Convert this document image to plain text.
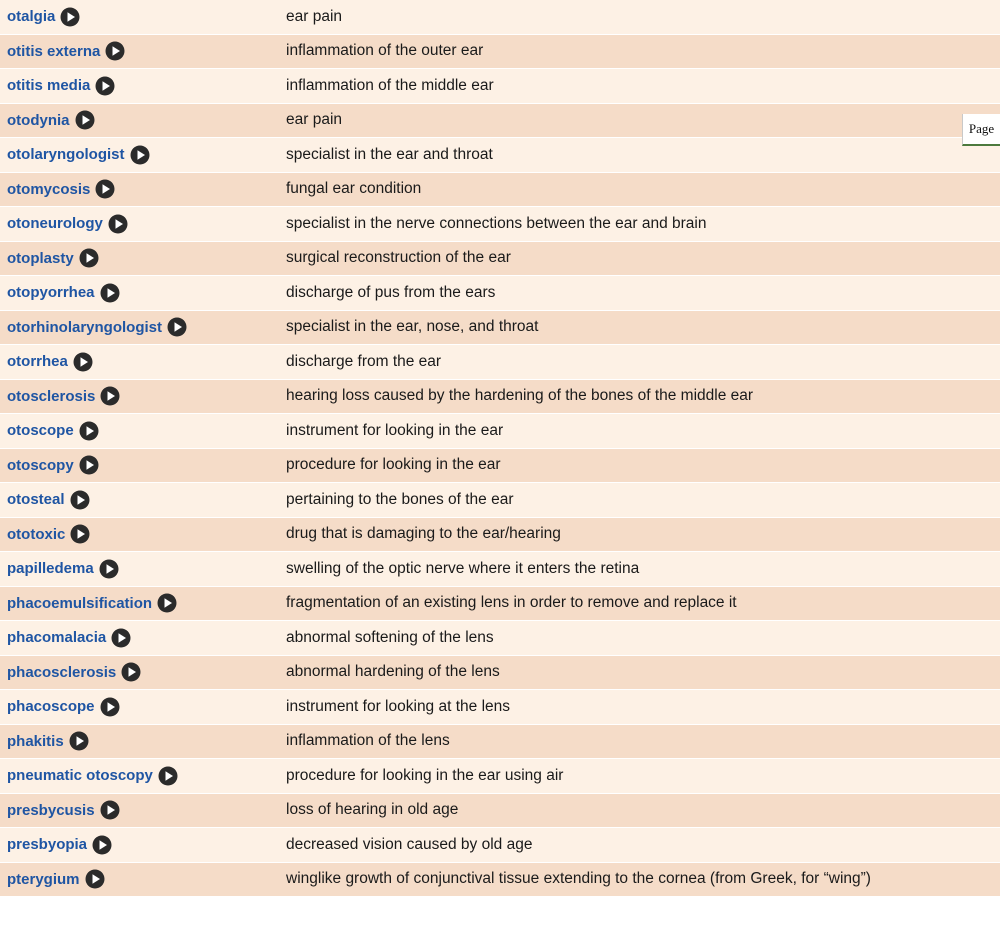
otalgia	ear pain
otitis externa	inflammation of the outer ear
otitis media	inflammation of the middle ear
otodynia	ear pain
otolaryngologist	specialist in the ear and throat
otomycosis	fungal ear condition
otoneurology	specialist in the nerve connections between the ear and brain
otoplasty	surgical reconstruction of the ear
otopyorrhea	discharge of pus from the ears
otorhinolaryngologist	specialist in the ear, nose, and throat
otorrhea	discharge from the ear
otosclerosis	hearing loss caused by the hardening of the bones of the middle ear
otoscope	instrument for looking in the ear
otoscopy	procedure for looking in the ear
otosteal	pertaining to the bones of the ear
ototoxic	drug that is damaging to the ear/hearing
papilledema	swelling of the optic nerve where it enters the retina
phacoemulsification	fragmentation of an existing lens in order to remove and replace it
phacomalacia	abnormal softening of the lens
phacosclerosis	abnormal hardening of the lens
phacoscope	instrument for looking at the lens
phakitis	inflammation of the lens
pneumatic otoscopy	procedure for looking in the ear using air
presbycusis	loss of hearing in old age
presbyopia	decreased vision caused by old age
pterygium	winglike growth of conjunctival tissue extending to the cornea (from Greek, for “wing”)
Page
